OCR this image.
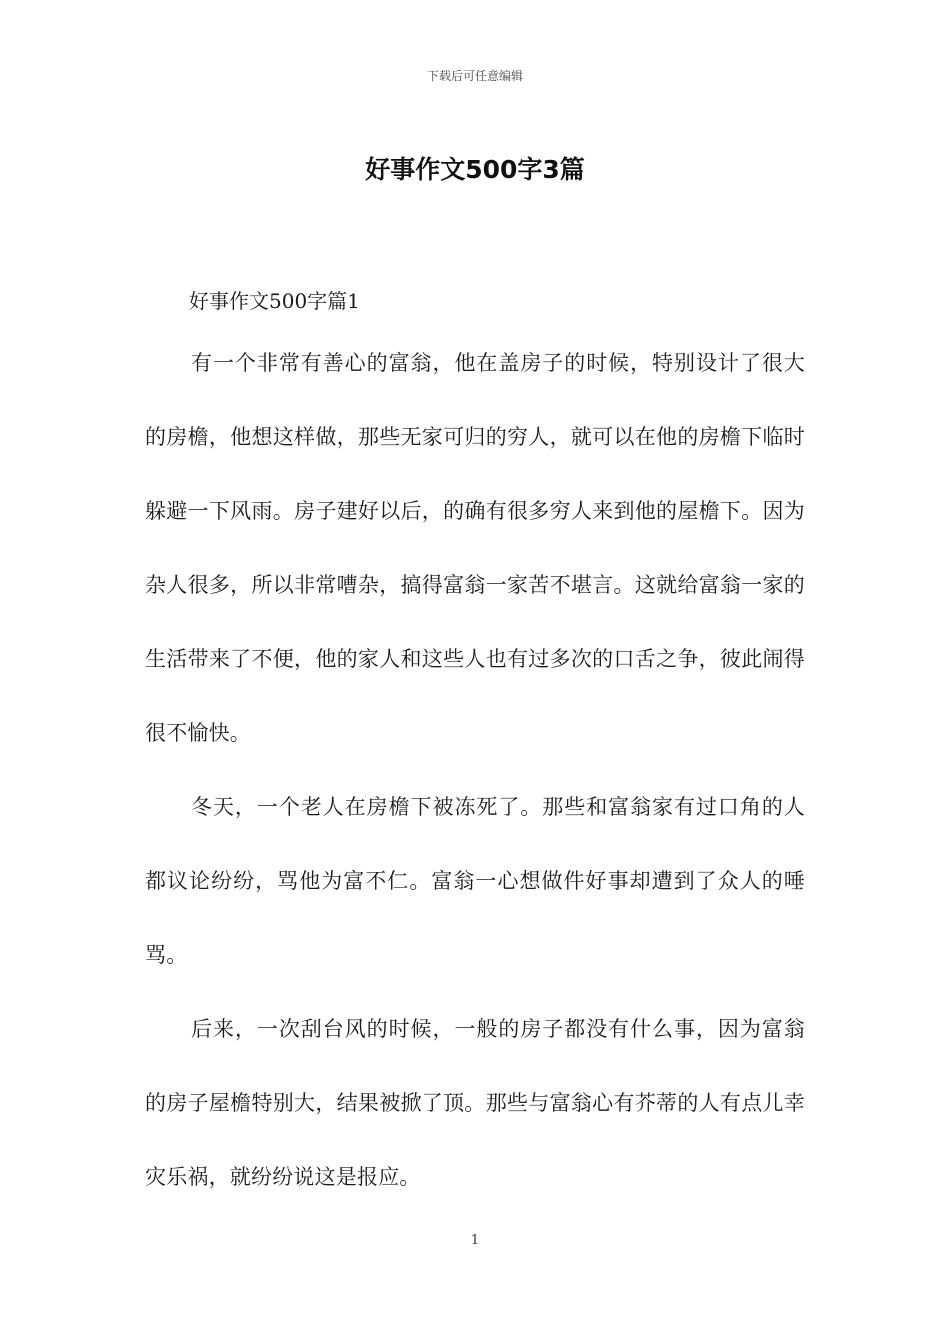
下载后可任意编辑
好事作文500字3篇

好事作文500字篇1

有一个非常有善心的富翁，他在盖房子的时候，特别设计了很大的房檐，他想这样做，那些无家可归的穷人，就可以在他的房檐下临时躲避一下风雨。房子建好以后，的确有很多穷人来到他的屋檐下。因为杂人很多，所以非常嘈杂，搞得富翁一家苦不堪言。这就给富翁一家的生活带来了不便，他的家人和这些人也有过多次的口舌之争，彼此闹得很不愉快。

冬天，一个老人在房檐下被冻死了。那些和富翁家有过口角的人都议论纷纷，骂他为富不仁。富翁一心想做件好事却遭到了众人的唾骂。

后来，一次刮台风的时候，一般的房子都没有什么事，因为富翁的房子屋檐特别大，结果被掀了顶。那些与富翁心有芥蒂的人有点儿幸灾乐祸，就纷纷说这是报应。

1
